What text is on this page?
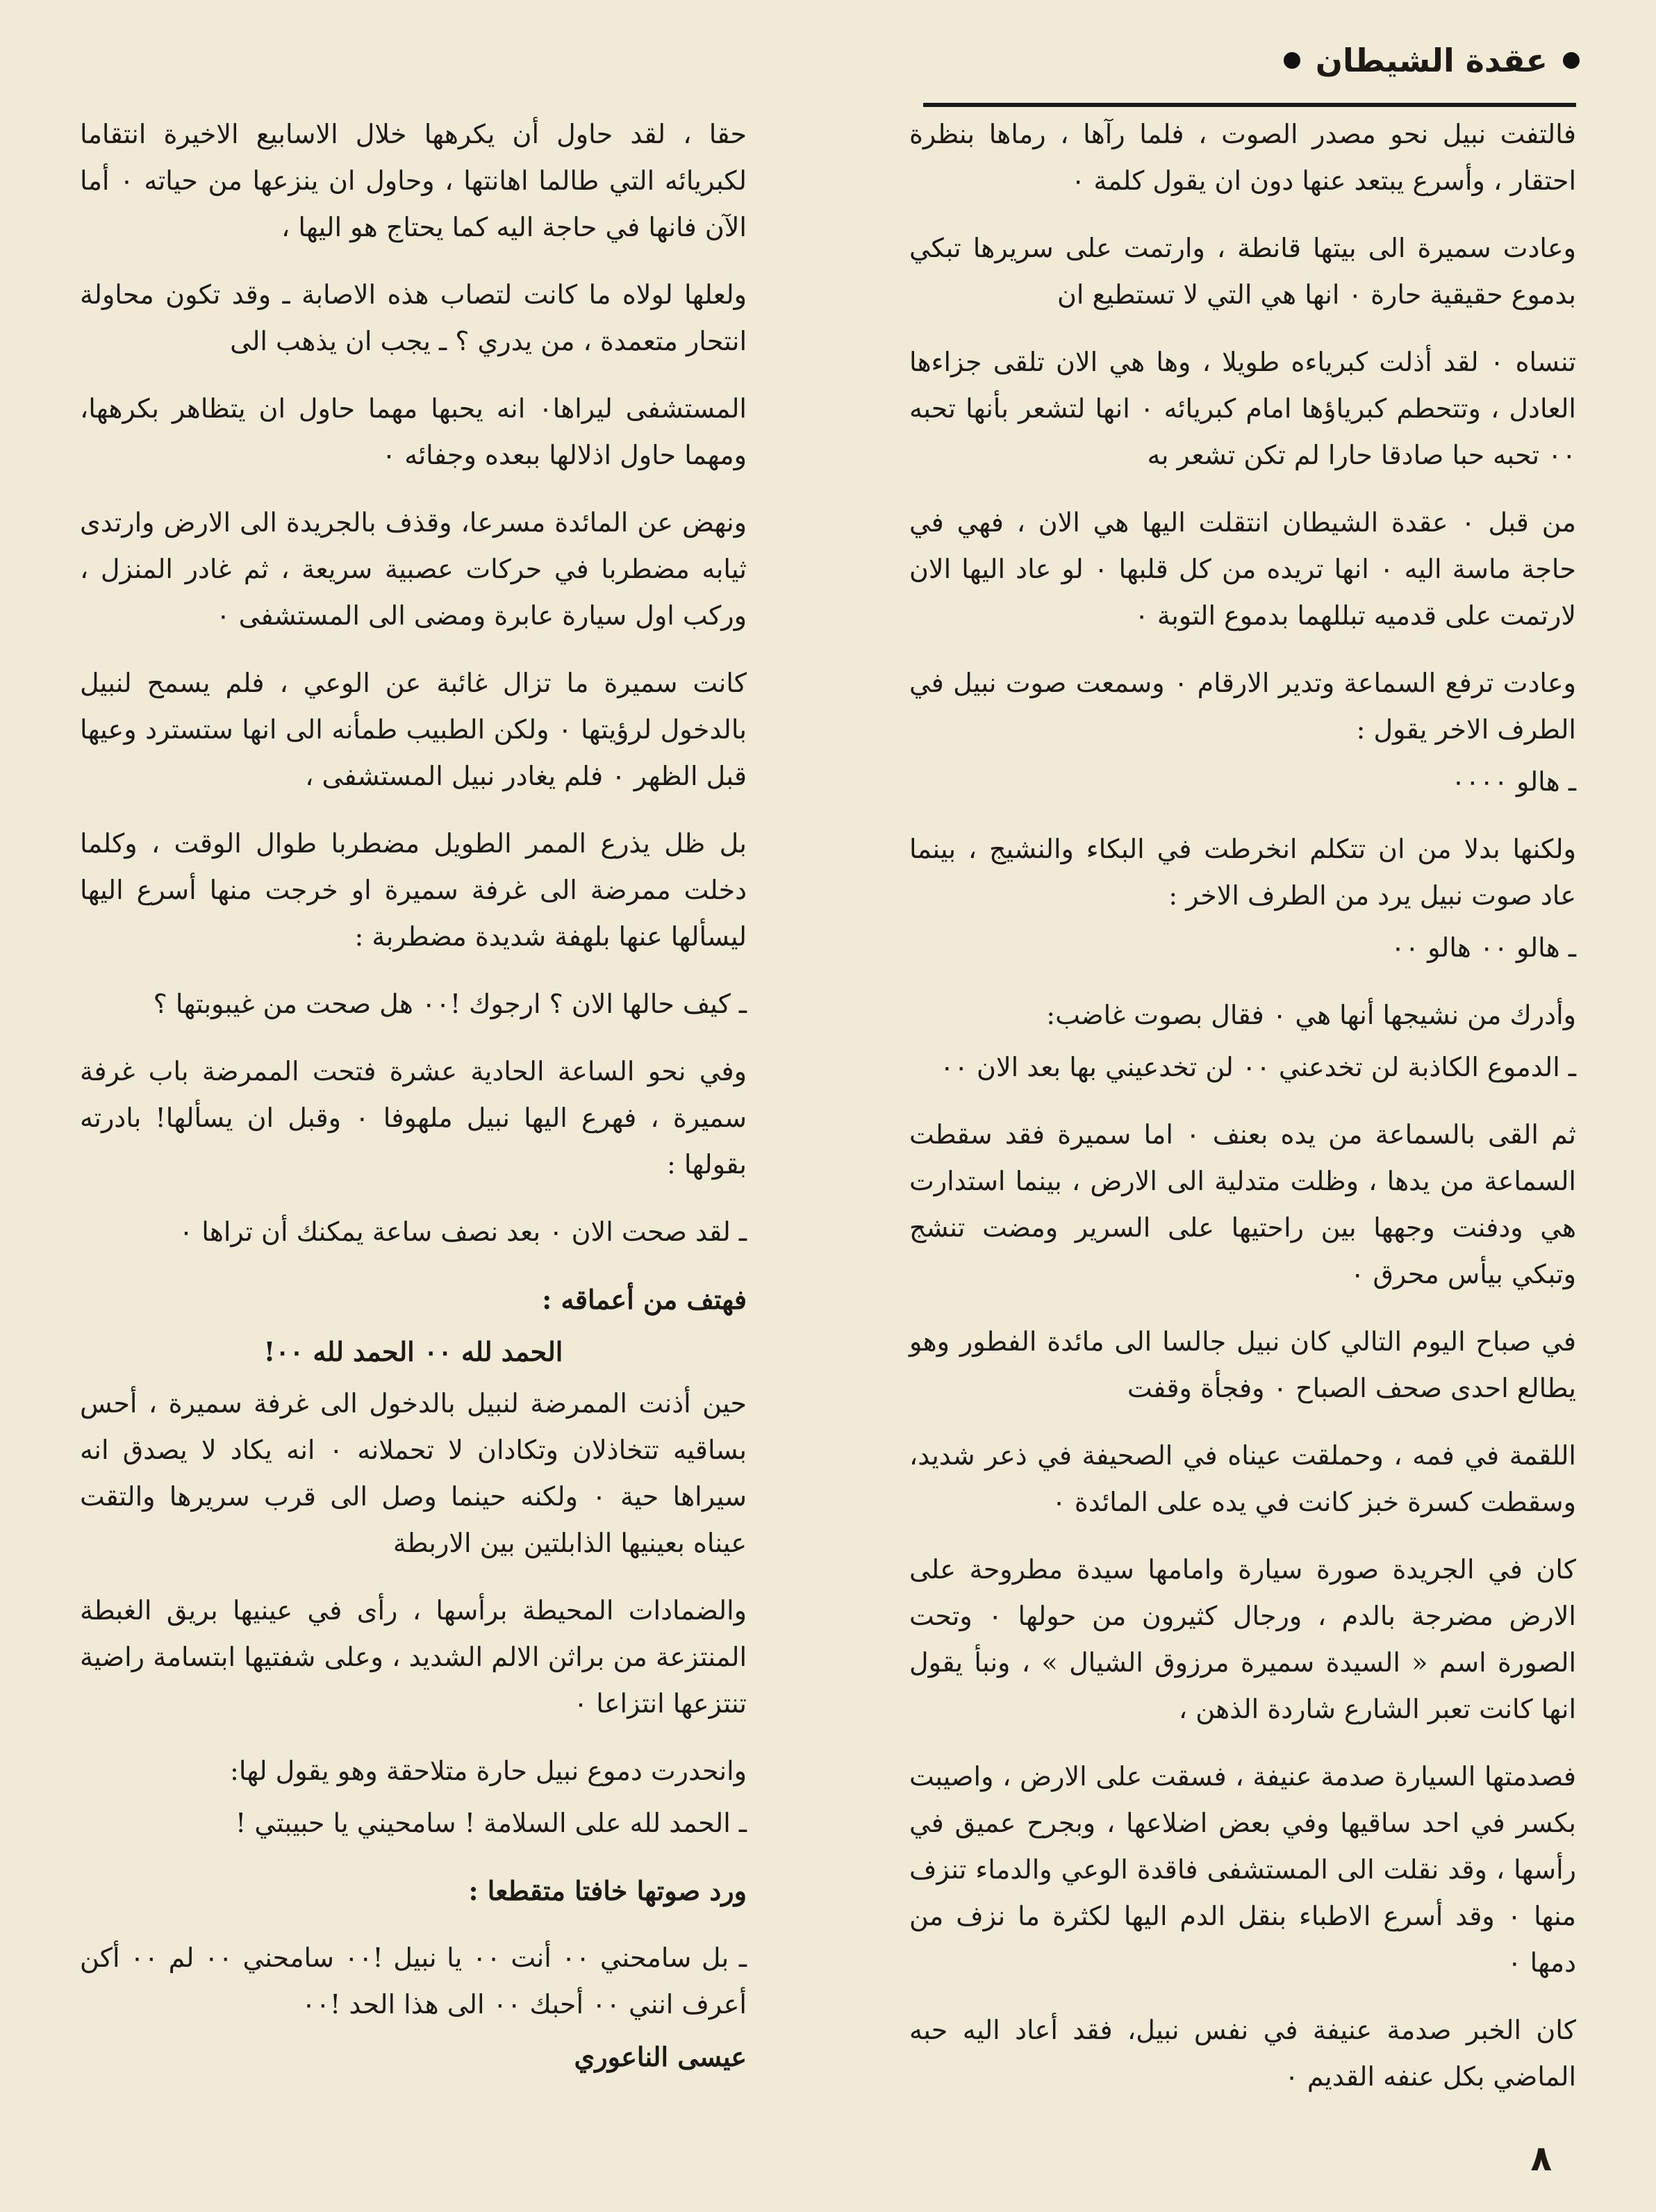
عقدة الشيطان

فالتفت نبيل نحو مصدر الصوت ، فلما رآها ، رماها بنظرة احتقار ، وأسرع يبتعد عنها دون ان يقول كلمة ٠

وعادت سميرة الى بيتها قانطة ، وارتمت على سريرها تبكي بدموع حقيقية حارة ٠ انها هي التي لا تستطيع ان

تنساه ٠ لقد أذلت كبرياءه طويلا ، وها هي الان تلقى جزاءها العادل ، وتتحطم كبرياؤها امام كبريائه ٠ انها لتشعر بأنها تحبه ٠٠ تحبه حبا صادقا حارا لم تكن تشعر به

من قبل ٠ عقدة الشيطان انتقلت اليها هي الان ، فهي في حاجة ماسة اليه ٠ انها تريده من كل قلبها ٠ لو عاد اليها الان لارتمت على قدميه تبللهما بدموع التوبة ٠

وعادت ترفع السماعة وتدير الارقام ٠ وسمعت صوت نبيل في الطرف الاخر يقول :

ـ هالو ٠٠٠٠

ولكنها بدلا من ان تتكلم انخرطت في البكاء والنشيج ، بينما عاد صوت نبيل يرد من الطرف الاخر :

ـ هالو ٠٠ هالو ٠٠

وأدرك من نشيجها أنها هي ٠ فقال بصوت غاضب:

ـ الدموع الكاذبة لن تخدعني ٠٠ لن تخدعيني بها بعد الان ٠٠

ثم القى بالسماعة من يده بعنف ٠ اما سميرة فقد سقطت السماعة من يدها ، وظلت متدلية الى الارض ، بينما استدارت هي ودفنت وجهها بين راحتيها على السرير ومضت تنشج وتبكي بيأس محرق ٠

في صباح اليوم التالي كان نبيل جالسا الى مائدة الفطور وهو يطالع احدى صحف الصباح ٠ وفجأة وقفت

اللقمة في فمه ، وحملقت عيناه في الصحيفة في ذعر شديد، وسقطت كسرة خبز كانت في يده على المائدة ٠

كان في الجريدة صورة سيارة وامامها سيدة مطروحة على الارض مضرجة بالدم ، ورجال كثيرون من حولها ٠ وتحت الصورة اسم « السيدة سميرة مرزوق الشيال » ، ونبأ يقول انها كانت تعبر الشارع شاردة الذهن ،

فصدمتها السيارة صدمة عنيفة ، فسقت على الارض ، واصيبت بكسر في احد ساقيها وفي بعض اضلاعها ، وبجرح عميق في رأسها ، وقد نقلت الى المستشفى فاقدة الوعي والدماء تنزف منها ٠ وقد أسرع الاطباء بنقل الدم اليها لكثرة ما نزف من دمها ٠

كان الخبر صدمة عنيفة في نفس نبيل، فقد أعاد اليه حبه الماضي بكل عنفه القديم ٠

حقا ، لقد حاول أن يكرهها خلال الاسابيع الاخيرة انتقاما لكبريائه التي طالما اهانتها ، وحاول ان ينزعها من حياته ٠ أما الآن فانها في حاجة اليه كما يحتاج هو اليها ،

ولعلها لولاه ما كانت لتصاب هذه الاصابة ـ وقد تكون محاولة انتحار متعمدة ، من يدري ؟ ـ يجب ان يذهب الى

المستشفى ليراها٠ انه يحبها مهما حاول ان يتظاهر بكرهها، ومهما حاول اذلالها ببعده وجفائه ٠

ونهض عن المائدة مسرعا، وقذف بالجريدة الى الارض وارتدى ثيابه مضطربا في حركات عصبية سريعة ، ثم غادر المنزل ، وركب اول سيارة عابرة ومضى الى المستشفى ٠

كانت سميرة ما تزال غائبة عن الوعي ، فلم يسمح لنبيل بالدخول لرؤيتها ٠ ولكن الطبيب طمأنه الى انها ستسترد وعيها قبل الظهر ٠ فلم يغادر نبيل المستشفى ،

بل ظل يذرع الممر الطويل مضطربا طوال الوقت ، وكلما دخلت ممرضة الى غرفة سميرة او خرجت منها أسرع اليها ليسألها عنها بلهفة شديدة مضطربة :

ـ كيف حالها الان ؟ ارجوك !٠٠ هل صحت من غيبوبتها ؟

وفي نحو الساعة الحادية عشرة فتحت الممرضة باب غرفة سميرة ، فهرع اليها نبيل ملهوفا ٠ وقبل ان يسألها! بادرته بقولها :

ـ لقد صحت الان ٠ بعد نصف ساعة يمكنك أن تراها ٠

فهتف من أعماقه :

الحمد لله ٠٠ الحمد لله ٠٠!

حين أذنت الممرضة لنبيل بالدخول الى غرفة سميرة ، أحس بساقيه تتخاذلان وتكادان لا تحملانه ٠ انه يكاد لا يصدق انه سيراها حية ٠ ولكنه حينما وصل الى قرب سريرها والتقت عيناه بعينيها الذابلتين بين الاربطة

والضمادات المحيطة برأسها ، رأى في عينيها بريق الغبطة المنتزعة من براثن الالم الشديد ، وعلى شفتيها ابتسامة راضية تنتزعها انتزاعا ٠

وانحدرت دموع نبيل حارة متلاحقة وهو يقول لها:

ـ الحمد لله على السلامة ! سامحيني يا حبيبتي !

ورد صوتها خافتا متقطعا :

ـ بل سامحني ٠٠ أنت ٠٠ يا نبيل !٠٠ سامحني ٠٠ لم ٠٠ أكن أعرف انني ٠٠ أحبك ٠٠ الى هذا الحد !٠٠

عيسى الناعوري

٨
